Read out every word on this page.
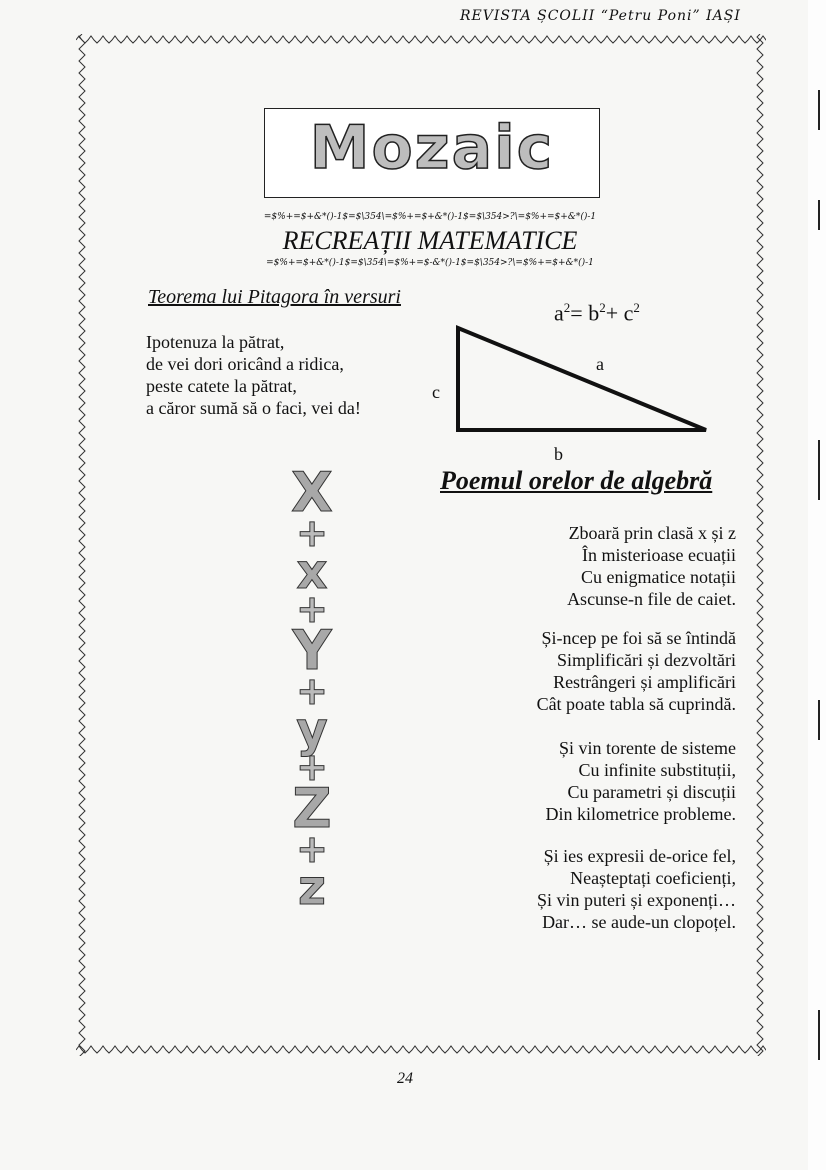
REVISTA ȘCOLII “Petru Poni” IAȘI
Mozaic
=$%+=$+&*()-1$=$\354\=$%+=$+&*()-1$=$\354>?\=$%+=$+&*()-1
RECREAȚII MATEMATICE
=$%+=$+&*()-1$=$\354\=$%+=$-&*()-1$=$\354>?\=$%+=$+&*()-1
Teorema lui Pitagora în versuri
Ipotenuza la pătrat,
de vei dori oricând a ridica,
peste catete la pătrat,
a căror sumă să o faci, vei da!
$a^2= b^2+ c^2$
a
c
b
X
+
x
+
Y
+
y
+
Z
+
z
Poemul orelor de algebră
Zboară prin clasă x și z
În misterioase ecuații
Cu enigmatice notații
Ascunse-n file de caiet.
Și-ncep pe foi să se întindă
Simplificări și dezvoltări
Restrângeri și amplificări
Cât poate tabla să cuprindă.
Și vin torente de sisteme
Cu infinite substituții,
Cu parametri și discuții
Din kilometrice probleme.
Și ies expresii de-orice fel,
Neașteptați coeficienți,
Și vin puteri și exponenți…
Dar… se aude-un clopoțel.
24
